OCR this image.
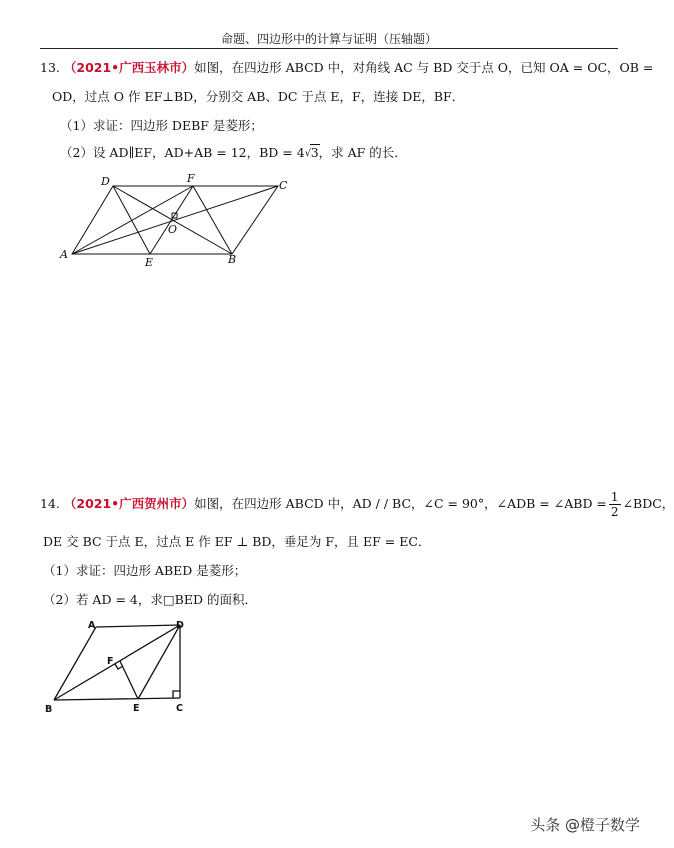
命题、四边形中的计算与证明（压轴题）
13. （2021•广西玉林市）如图，在四边形 ABCD 中，对角线 AC 与 BD 交于点 O，已知 OA = OC，OB =
OD，过点 O 作 EF⊥BD，分别交 AB、DC 于点 E，F，连接 DE，BF．
（1）求证：四边形 DEBF 是菱形；
（2）设 AD∥EF，AD+AB = 12，BD = 4 √ 3，求 AF 的长．
D	F
C
O
A
E	B
14. （2021•广西贺州市）如图，在四边形 ABCD 中，AD / / BC，∠C = 90°，∠ADB = ∠ABD = $\frac{1}{2}$ ∠BDC，
DE 交 BC 于点 E，过点 E 作 EF ⊥ BD，垂足为 F，且 EF = EC．
（1）求证：四边形 ABED 是菱形；
（2）若 AD = 4，求□BED 的面积．
A	D
F
B	E	C
头条 @橙子数学
